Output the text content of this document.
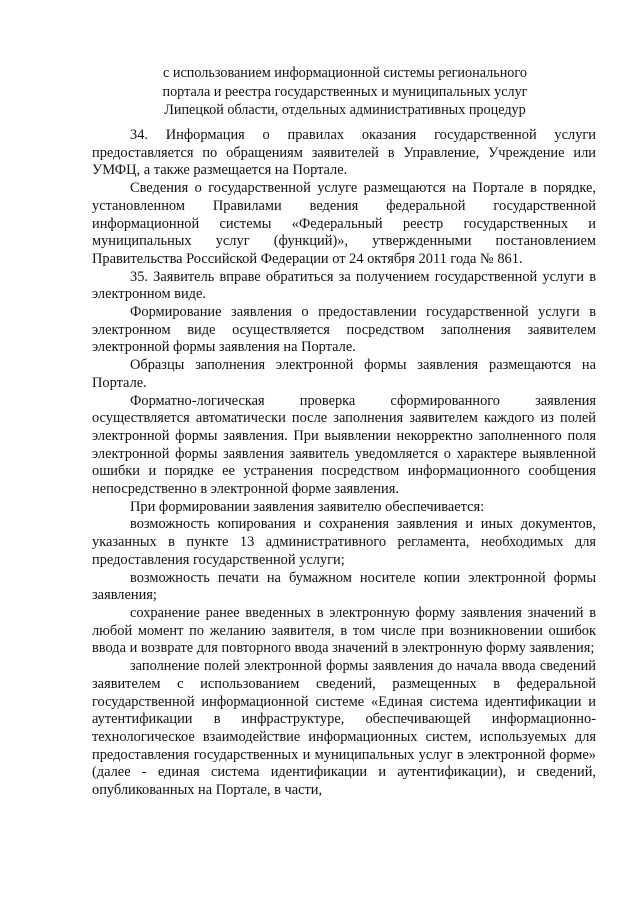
с использованием информационной системы регионального
портала и реестра государственных и муниципальных услуг
Липецкой области, отдельных административных процедур

34. Информация о правилах оказания государственной услуги предоставляется по обращениям заявителей в Управление, Учреждение или УМФЦ, а также размещается на Портале.

Сведения о государственной услуге размещаются на Портале в порядке, установленном Правилами ведения федеральной государственной информационной системы «Федеральный реестр государственных и муниципальных услуг (функций)», утвержденными постановлением Правительства Российской Федерации от 24 октября 2011 года № 861.

35. Заявитель вправе обратиться за получением государственной услуги в электронном виде.

Формирование заявления о предоставлении государственной услуги в электронном виде осуществляется посредством заполнения заявителем электронной формы заявления на Портале.

Образцы заполнения электронной формы заявления размещаются на Портале.

Форматно-логическая проверка сформированного заявления осуществляется автоматически после заполнения заявителем каждого из полей электронной формы заявления. При выявлении некорректно заполненного поля электронной формы заявления заявитель уведомляется о характере выявленной ошибки и порядке ее устранения посредством информационного сообщения непосредственно в электронной форме заявления.

При формировании заявления заявителю обеспечивается:

возможность копирования и сохранения заявления и иных документов, указанных в пункте 13 административного регламента, необходимых для предоставления государственной услуги;

возможность печати на бумажном носителе копии электронной формы заявления;

сохранение ранее введенных в электронную форму заявления значений в любой момент по желанию заявителя, в том числе при возникновении ошибок ввода и возврате для повторного ввода значений в электронную форму заявления;

заполнение полей электронной формы заявления до начала ввода сведений заявителем с использованием сведений, размещенных в федеральной государственной информационной системе «Единая система идентификации и аутентификации в инфраструктуре, обеспечивающей информационно-технологическое взаимодействие информационных систем, используемых для предоставления государственных и муниципальных услуг в электронной форме» (далее - единая система идентификации и аутентификации), и сведений, опубликованных на Портале, в части,
